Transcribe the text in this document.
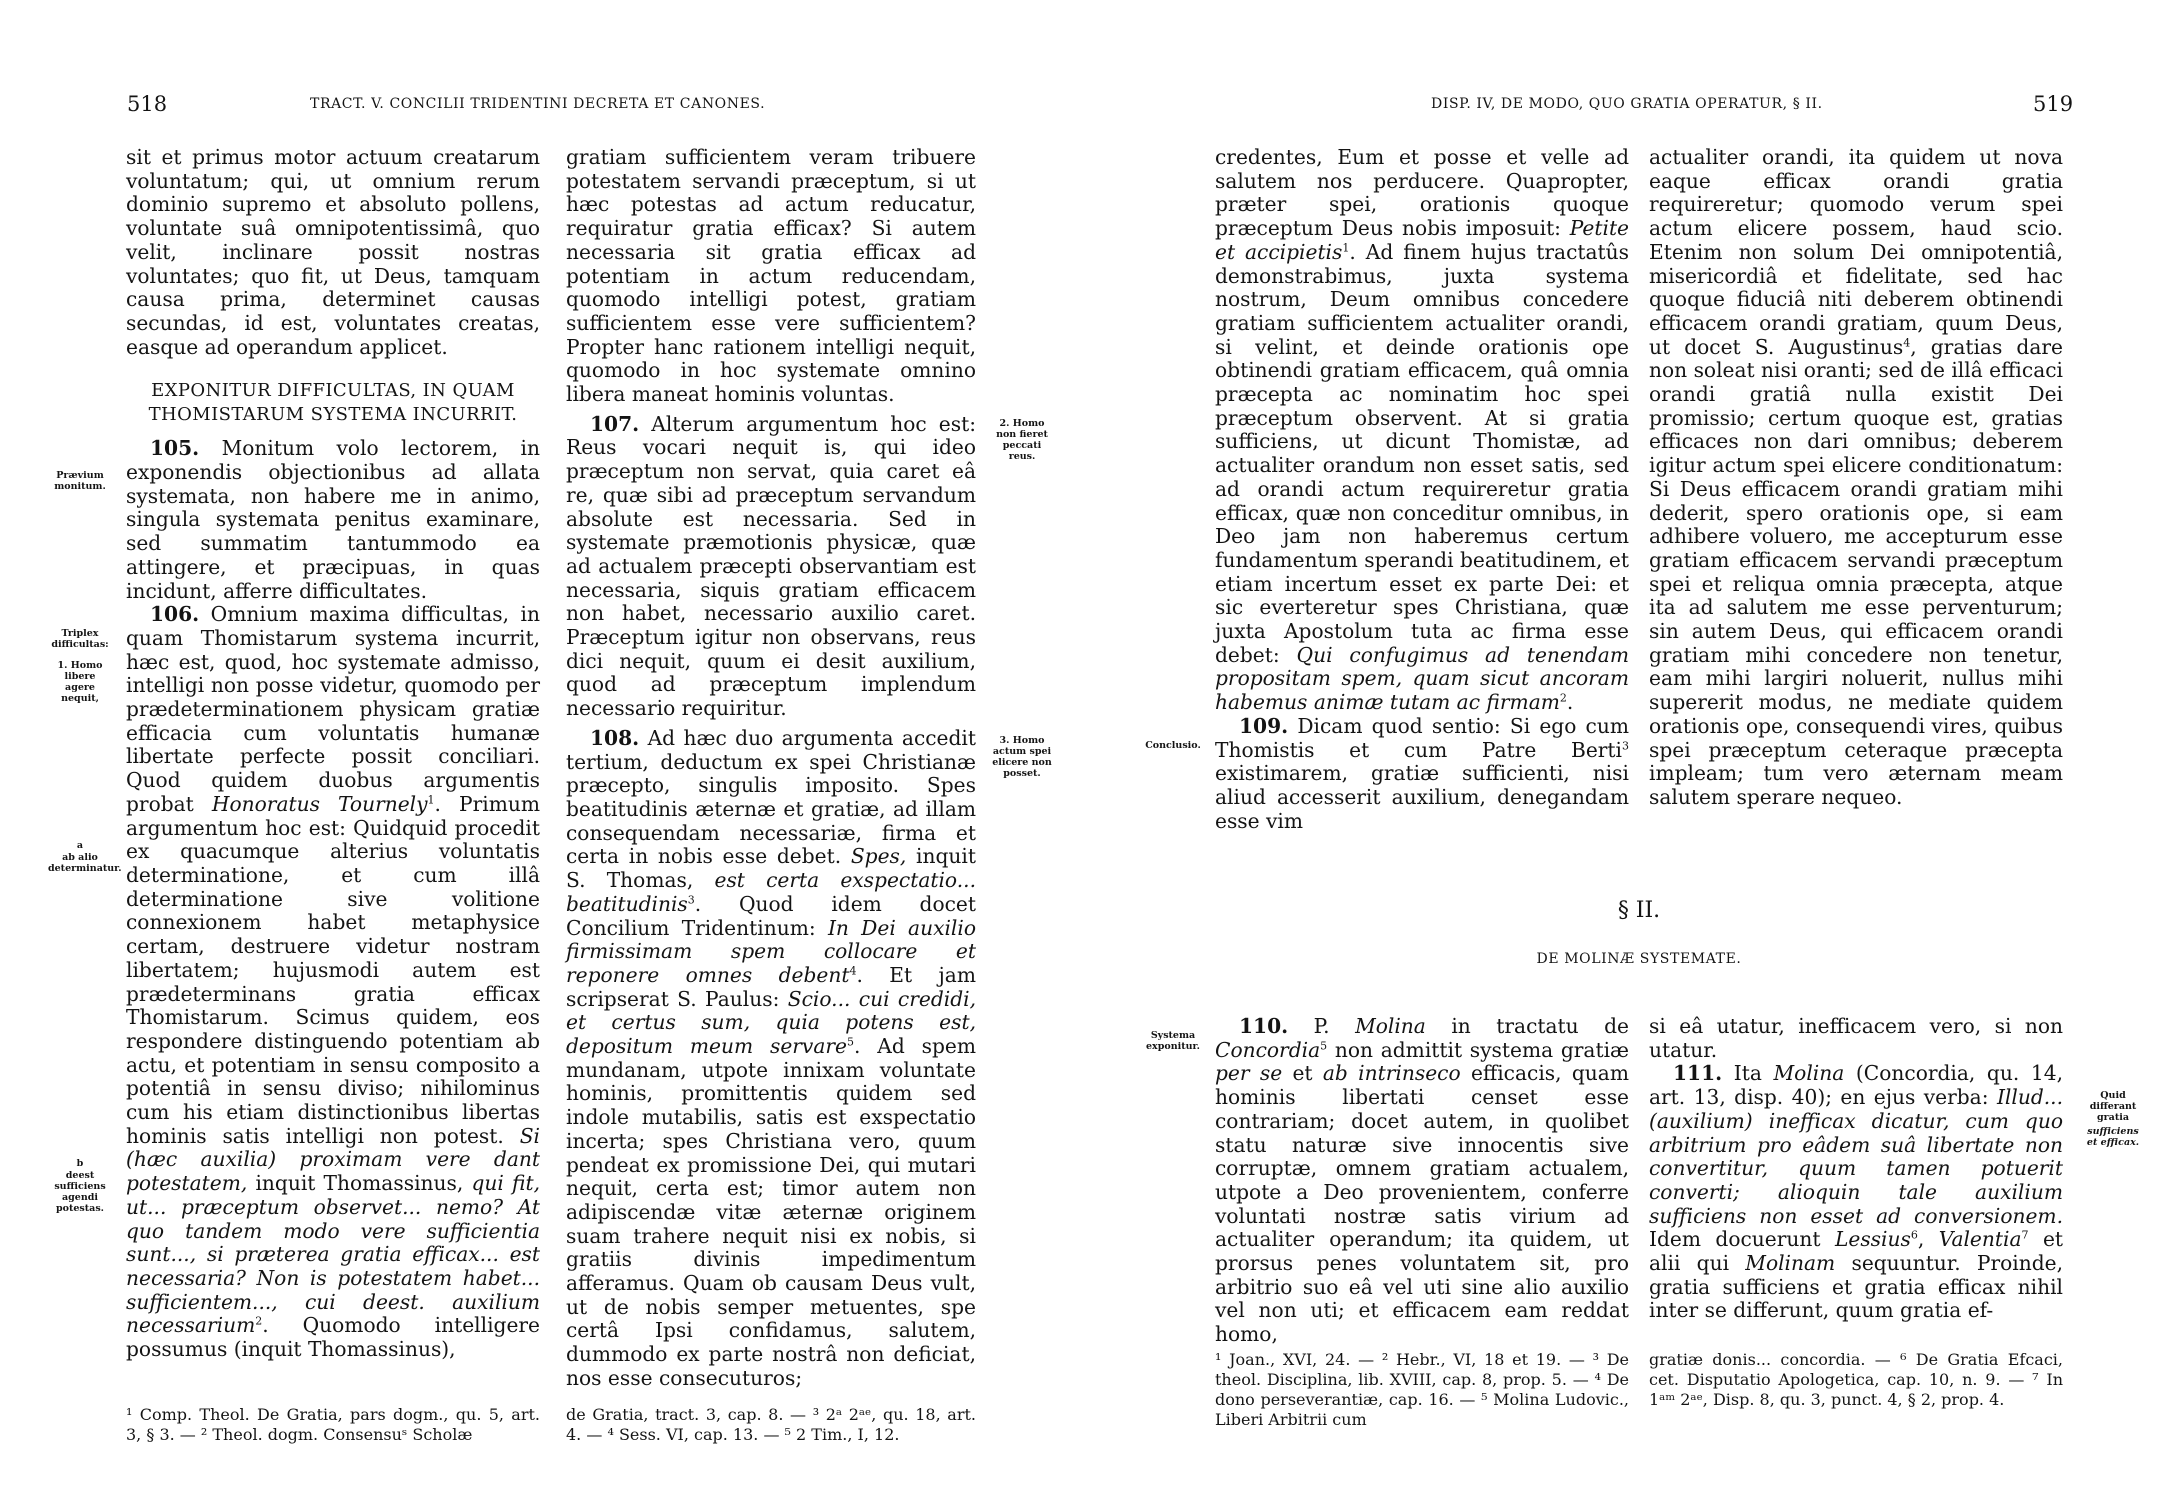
518	TRACT. V. CONCILII TRIDENTINI DECRETA ET CANONES.

sit et primus motor actuum creatarum voluntatum; qui, ut omnium rerum dominio supremo et absoluto pollens, voluntate suâ omnipotentissimâ, quo velit, inclinare possit nostras voluntates; quo fit, ut Deus, tamquam causa prima, determinet causas secundas, id est, voluntates creatas, easque ad operandum applicet.

EXPONITUR DIFFICULTAS, IN QUAM THOMISTARUM SYSTEMA INCURRIT.

105. Monitum volo lectorem, in exponendis objectionibus ad allata systemata, non habere me in animo, singula systemata penitus examinare, sed summatim tantummodo ea attingere, et præcipuas, in quas incidunt, afferre difficultates.

106. Omnium maxima difficultas, in quam Thomistarum systema incurrit, hæc est, quod, hoc systemate admisso, intelligi non posse videtur, quomodo per prædeterminationem physicam gratiæ efficacia cum voluntatis humanæ libertate perfecte possit conciliari. Quod quidem duobus argumentis probat Honoratus Tournely$^1$. Primum argumentum hoc est: Quidquid procedit ex quacumque alterius voluntatis determinatione, et cum illâ determinatione sive volitione connexionem habet metaphysice certam, destruere videtur nostram libertatem; hujusmodi autem est prædeterminans gratia efficax Thomistarum. Scimus quidem, eos respondere distinguendo potentiam ab actu, et potentiam in sensu composito a potentiâ in sensu diviso; nihilominus cum his etiam distinctionibus libertas hominis satis intelligi non potest. Si (hæc auxilia) proximam vere dant potestatem, inquit Thomassinus, qui fit, ut... præceptum observet... nemo? At quo tandem modo vere sufficientia sunt..., si præterea gratia efficax... est necessaria? Non is potestatem habet... sufficientem..., cui deest. auxilium necessarium$^2$. Quomodo intelligere possumus (inquit Thomassinus),

¹ Comp. Theol. De Gratia, pars dogm., qu. 5, art. 3, § 3. — ² Theol. dogm. Consensuˢ Scholæ

gratiam sufficientem veram tribuere potestatem servandi præceptum, si ut hæc potestas ad actum reducatur, requiratur gratia efficax? Si autem necessaria sit gratia efficax ad potentiam in actum reducendam, quomodo intelligi potest, gratiam sufficientem esse vere sufficientem? Propter hanc rationem intelligi nequit, quomodo in hoc systemate omnino libera maneat hominis voluntas.

107. Alterum argumentum hoc est: Reus vocari nequit is, qui ideo præceptum non servat, quia caret eâ re, quæ sibi ad præceptum servandum absolute est necessaria. Sed in systemate præmotionis physicæ, quæ ad actualem præcepti observantiam est necessaria, siquis gratiam efficacem non habet, necessario auxilio caret. Præceptum igitur non observans, reus dici nequit, quum ei desit auxilium, quod ad præceptum implendum necessario requiritur.

108. Ad hæc duo argumenta accedit tertium, deductum ex spei Christianæ præcepto, singulis imposito. Spes beatitudinis æternæ et gratiæ, ad illam consequendam necessariæ, firma et certa in nobis esse debet. Spes, inquit S. Thomas, est certa exspectatio... beatitudinis$^3$. Quod idem docet Concilium Tridentinum: In Dei auxilio firmissimam spem collocare et reponere omnes debent$^4$. Et jam scripserat S. Paulus: Scio... cui credidi, et certus sum, quia potens est, depositum meum servare$^5$. Ad spem mundanam, utpote innixam voluntate hominis, promittentis quidem sed indole mutabilis, satis est exspectatio incerta; spes Christiana vero, quum pendeat ex promissione Dei, qui mutari nequit, certa est; timor autem non adipiscendæ vitæ æternæ originem suam trahere nequit nisi ex nobis, si gratiis divinis impedimentum afferamus. Quam ob causam Deus vult, ut de nobis semper metuentes, spe certâ Ipsi confidamus, salutem, dummodo ex parte nostrâ non deficiat, nos esse consecuturos;

de Gratia, tract. 3, cap. 8. — ³ 2ᵃ 2ᵃᵉ, qu. 18, art. 4. — ⁴ Sess. VI, cap. 13. — ⁵ 2 Tim., I, 12.

Prævium monitum.
Triplex difficultas:
1. Homo libere agere nequit,
a
ab alio determinatur.
b
deest sufficiens agendi potestas.
2. Homo non fieret peccati reus.
3. Homo actum spei elicere non posset.
DISP. IV, DE MODO, QUO GRATIA OPERATUR, § II.	519

credentes, Eum et posse et velle ad salutem nos perducere. Quapropter, præter spei, orationis quoque præceptum Deus nobis imposuit: Petite et accipietis$^1$. Ad finem hujus tractatûs demonstrabimus, juxta systema nostrum, Deum omnibus concedere gratiam sufficientem actualiter orandi, si velint, et deinde orationis ope obtinendi gratiam efficacem, quâ omnia præcepta ac nominatim hoc spei præceptum observent. At si gratia sufficiens, ut dicunt Thomistæ, ad actualiter orandum non esset satis, sed ad orandi actum requireretur gratia efficax, quæ non conceditur omnibus, in Deo jam non haberemus certum fundamentum sperandi beatitudinem, et etiam incertum esset ex parte Dei: et sic everteretur spes Christiana, quæ juxta Apostolum tuta ac firma esse debet: Qui confugimus ad tenendam propositam spem, quam sicut ancoram habemus animæ tutam ac firmam$^2$.

109. Dicam quod sentio: Si ego cum Thomistis et cum Patre Berti$^3$ existimarem, gratiæ sufficienti, nisi aliud accesserit auxilium, denegandam esse vim

actualiter orandi, ita quidem ut nova eaque efficax orandi gratia requireretur; quomodo verum spei actum elicere possem, haud scio. Etenim non solum Dei omnipotentiâ, misericordiâ et fidelitate, sed hac quoque fiduciâ niti deberem obtinendi efficacem orandi gratiam, quum Deus, ut docet S. Augustinus$^4$, gratias dare non soleat nisi oranti; sed de illâ efficaci orandi gratiâ nulla existit Dei promissio; certum quoque est, gratias efficaces non dari omnibus; deberem igitur actum spei elicere conditionatum: Si Deus efficacem orandi gratiam mihi dederit, spero orationis ope, si eam adhibere voluero, me accepturum esse gratiam efficacem servandi præceptum spei et reliqua omnia præcepta, atque ita ad salutem me esse perventurum; sin autem Deus, qui efficacem orandi gratiam mihi concedere non tenetur, eam mihi largiri noluerit, nullus mihi supererit modus, ne mediate quidem orationis ope, consequendi vires, quibus spei præceptum ceteraque præcepta impleam; tum vero æternam meam salutem sperare nequeo.

§ II.
DE MOLINÆ SYSTEMATE.

110. P. Molina in tractatu de Concordia$^5$ non admittit systema gratiæ per se et ab intrinseco efficacis, quam hominis libertati censet esse contrariam; docet autem, in quolibet statu naturæ sive innocentis sive corruptæ, omnem gratiam actualem, utpote a Deo provenientem, conferre voluntati nostræ satis virium ad actualiter operandum; ita quidem, ut prorsus penes voluntatem sit, pro arbitrio suo eâ vel uti sine alio auxilio vel non uti; et efficacem eam reddat homo,

¹ Joan., XVI, 24. — ² Hebr., VI, 18 et 19. — ³ De theol. Disciplina, lib. XVIII, cap. 8, prop. 5. — ⁴ De dono perseverantiæ, cap. 16. — ⁵ Molina Ludovic., Liberi Arbitrii cum

si eâ utatur, inefficacem vero, si non utatur.

111. Ita Molina (Concordia, qu. 14, art. 13, disp. 40); en ejus verba: Illud... (auxilium) inefficax dicatur, cum quo arbitrium pro eâdem suâ libertate non convertitur, quum tamen potuerit converti; alioquin tale auxilium sufficiens non esset ad conversionem. Idem docuerunt Lessius$^6$, Valentia$^7$ et alii qui Molinam sequuntur. Proinde, gratia sufficiens et gratia efficax nihil inter se differunt, quum gratia ef-

gratiæ donis... concordia. — ⁶ De Gratia Efcaci, cet. Disputatio Apologetica, cap. 10, n. 9. — ⁷ In 1ᵃᵐ 2ᵃᵉ, Disp. 8, qu. 3, punct. 4, § 2, prop. 4.

Conclusio.
Systema exponitur.
Quid differant gratia
sufficiens et efficax.
